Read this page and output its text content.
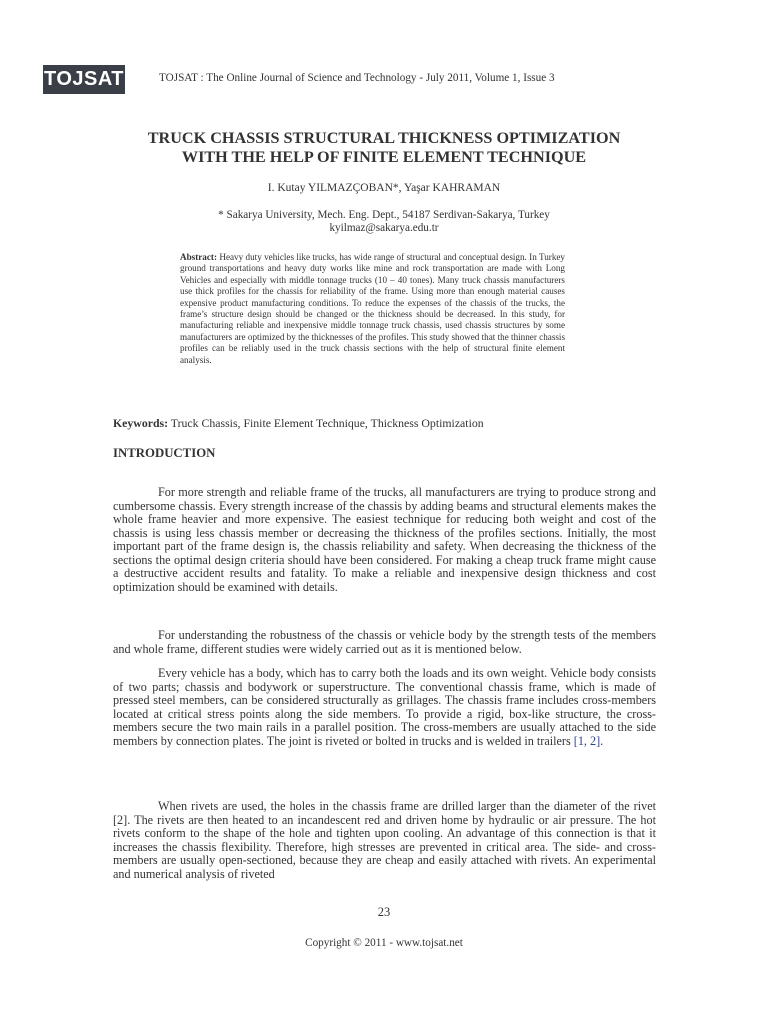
TOJSAT	TOJSAT : The Online Journal of Science and Technology - July 2011, Volume 1, Issue 3
TRUCK CHASSIS STRUCTURAL THICKNESS OPTIMIZATION
WITH THE HELP OF FINITE ELEMENT TECHNIQUE
I. Kutay YILMAZÇOBAN*, Yaşar KAHRAMAN
* Sakarya University, Mech. Eng. Dept., 54187 Serdivan-Sakarya, Turkey
kyilmaz@sakarya.edu.tr
Abstract: Heavy duty vehicles like trucks, has wide range of structural and conceptual design. In Turkey ground transportations and heavy duty works like mine and rock transportation are made with Long Vehicles and especially with middle tonnage trucks (10 – 40 tones). Many truck chassis manufacturers use thick profiles for the chassis for reliability of the frame. Using more than enough material causes expensive product manufacturing conditions. To reduce the expenses of the chassis of the trucks, the frame’s structure design should be changed or the thickness should be decreased. In this study, for manufacturing reliable and inexpensive middle tonnage truck chassis, used chassis structures by some manufacturers are optimized by the thicknesses of the profiles. This study showed that the thinner chassis profiles can be reliably used in the truck chassis sections with the help of structural finite element analysis.
Keywords: Truck Chassis, Finite Element Technique, Thickness Optimization
INTRODUCTION

For more strength and reliable frame of the trucks, all manufacturers are trying to produce strong and cumbersome chassis. Every strength increase of the chassis by adding beams and structural elements makes the whole frame heavier and more expensive. The easiest technique for reducing both weight and cost of the chassis is using less chassis member or decreasing the thickness of the profiles sections. Initially, the most important part of the frame design is, the chassis reliability and safety. When decreasing the thickness of the sections the optimal design criteria should have been considered. For making a cheap truck frame might cause a destructive accident results and fatality. To make a reliable and inexpensive design thickness and cost optimization should be examined with details.

For understanding the robustness of the chassis or vehicle body by the strength tests of the members and whole frame, different studies were widely carried out as it is mentioned below.

Every vehicle has a body, which has to carry both the loads and its own weight. Vehicle body consists of two parts; chassis and bodywork or superstructure. The conventional chassis frame, which is made of pressed steel members, can be considered structurally as grillages. The chassis frame includes cross-members located at critical stress points along the side members. To provide a rigid, box-like structure, the cross-members secure the two main rails in a parallel position. The cross-members are usually attached to the side members by connection plates. The joint is riveted or bolted in trucks and is welded in trailers [1, 2].

When rivets are used, the holes in the chassis frame are drilled larger than the diameter of the rivet [2]. The rivets are then heated to an incandescent red and driven home by hydraulic or air pressure. The hot rivets conform to the shape of the hole and tighten upon cooling. An advantage of this connection is that it increases the chassis flexibility. Therefore, high stresses are prevented in critical area. The side- and cross-members are usually open-sectioned, because they are cheap and easily attached with rivets. An experimental and numerical analysis of riveted

23
Copyright © 2011 - www.tojsat.net
